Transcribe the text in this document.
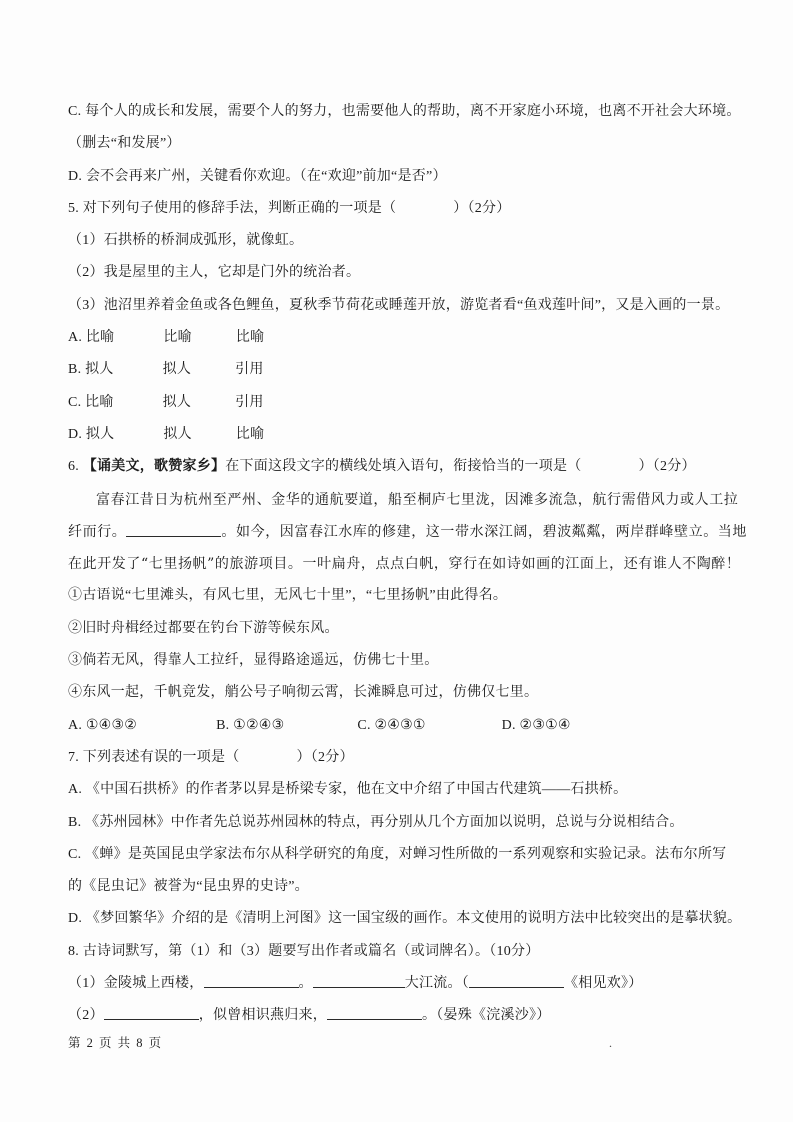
C. 每个人的成长和发展，需要个人的努力，也需要他人的帮助，离不开家庭小环境，也离不开社会大环境。
（删去“和发展”）
D. 会不会再来广州，关键看你欢迎。（在“欢迎”前加“是否”）
5. 对下列句子使用的修辞手法，判断正确的一项是（　　　　）（2分）
（1）石拱桥的桥洞成弧形，就像虹。
（2）我是屋里的主人，它却是门外的统治者。
（3）池沼里养着金鱼或各色鲤鱼，夏秋季节荷花或睡莲开放，游览者看“鱼戏莲叶间”，又是入画的一景。
A. 比喻	比喻	比喻
B. 拟人	拟人	引用
C. 比喻	拟人	引用
D. 拟人	拟人	比喻
6. 【诵美文，歌赞家乡】在下面这段文字的横线处填入语句，衔接恰当的一项是（　　　　）（2分）
富春江昔日为杭州至严州、金华的通航要道，船至桐庐七里泷，因滩多流急，航行需借风力或人工拉
纤而行。	。如今，因富春江水库的修建，这一带水深江阔，碧波粼粼，两岸群峰壁立。当地
在此开发了“七里扬帆”的旅游项目。一叶扁舟，点点白帆，穿行在如诗如画的江面上，还有谁人不陶醉！
①古语说“七里滩头，有风七里，无风七十里”，“七里扬帆”由此得名。
②旧时舟楫经过都要在钓台下游等候东风。
③倘若无风，得靠人工拉纤，显得路途遥远，仿佛七十里。
④东风一起，千帆竞发，艄公号子响彻云霄，长滩瞬息可过，仿佛仅七里。
A. ①④③②	B. ①②④③	C. ②④③①	D. ②③①④
7. 下列表述有误的一项是（　　　　）（2分）
A. 《中国石拱桥》的作者茅以昇是桥梁专家，他在文中介绍了中国古代建筑——石拱桥。
B. 《苏州园林》中作者先总说苏州园林的特点，再分别从几个方面加以说明，总说与分说相结合。
C. 《蝉》是英国昆虫学家法布尔从科学研究的角度，对蝉习性所做的一系列观察和实验记录。法布尔所写
的《昆虫记》被誉为“昆虫界的史诗”。
D. 《梦回繁华》介绍的是《清明上河图》这一国宝级的画作。本文使用的说明方法中比较突出的是摹状貌。
8. 古诗词默写，第（1）和（3）题要写出作者或篇名（或词牌名）。（10分）
（1）金陵城上西楼，	。	大江流。（	《相见欢》）
（2）	，似曾相识燕归来，	。（晏殊《浣溪沙》）
第 2 页 共 8 页	.
